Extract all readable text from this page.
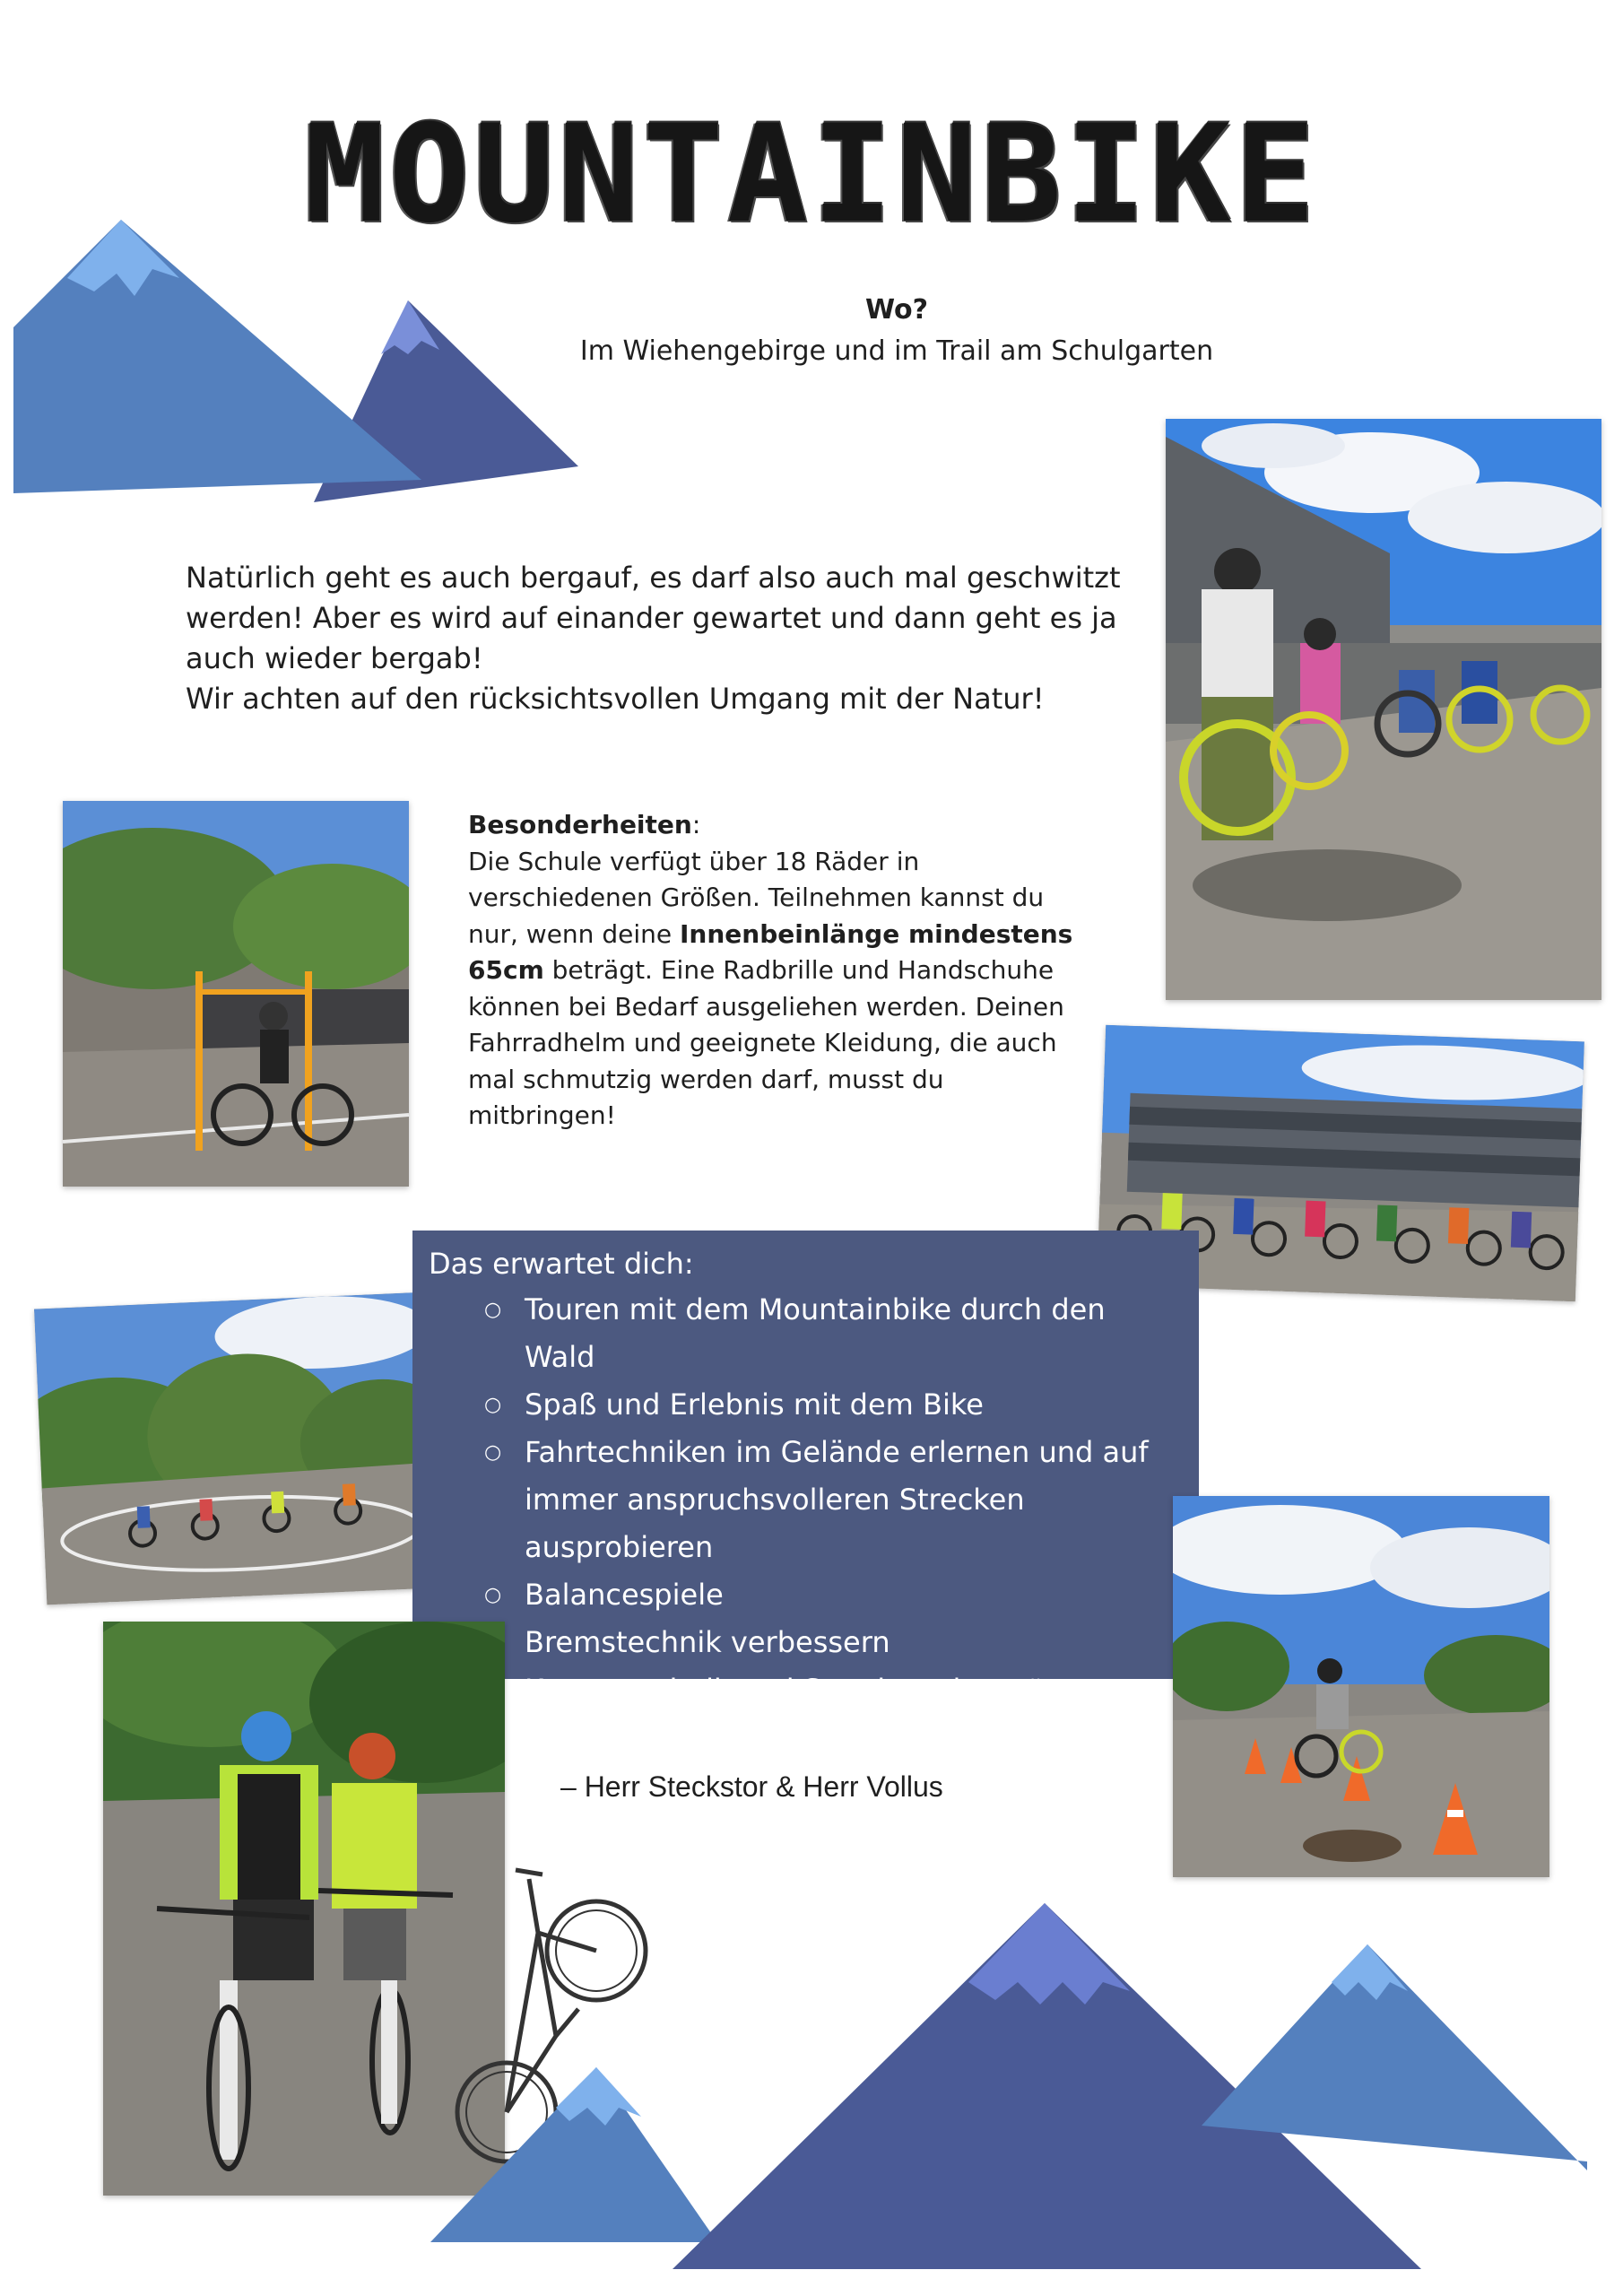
MOUNTAINBIKE
Wo?
Im Wiehengebirge und im Trail am Schulgarten
Natürlich geht es auch bergauf, es darf also auch mal geschwitzt
werden! Aber es wird auf einander gewartet und dann geht es ja
auch wieder bergab!
Wir achten auf den rücksichtsvollen Umgang mit der Natur!
Besonderheiten:
Die Schule verfügt über 18 Räder in
verschiedenen Größen. Teilnehmen kannst du
nur, wenn deine Innenbeinlänge mindestens
65cm beträgt. Eine Radbrille und Handschuhe
können bei Bedarf ausgeliehen werden. Deinen
Fahrradhelm und geeignete Kleidung, die auch
mal schmutzig werden darf, musst du mitbringen!
Das erwartet dich:
○ Touren mit dem Mountainbike durch den Wald
○ Spaß und Erlebnis mit dem Bike
○ Fahrtechniken im Gelände erlernen und auf immer anspruchsvolleren Strecken ausprobieren
○ Balancespiele
○ Bremstechnik verbessern
○ Kurventechnik und Strecken „lesen“
○ Orientierung im Gelände
– Herr Steckstor & Herr Vollus
